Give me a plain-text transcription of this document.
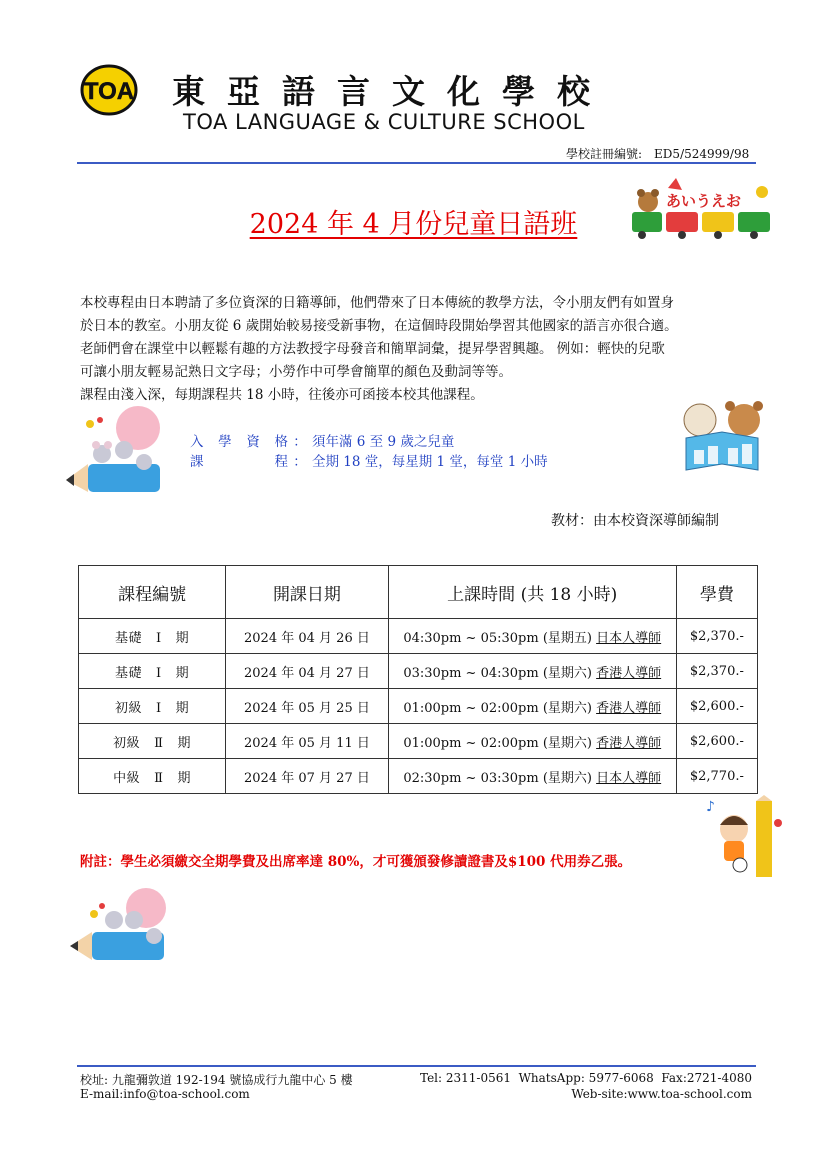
TOA 東亞語言文化學校
TOA LANGUAGE & CULTURE SCHOOL
學校註冊編號: ED5/524999/98
2024 年 4 月份兒童日語班
あいうえお
本校專程由日本聘請了多位資深的日籍導師，他們帶來了日本傳統的教學方法，令小朋友們有如置身
於日本的教室。小朋友從 6 歲開始較易接受新事物，在這個時段開始學習其他國家的語言亦很合適。
老師們會在課堂中以輕鬆有趣的方法教授字母發音和簡單詞彙，提昇學習興趣。 例如：輕快的兒歌
可讓小朋友輕易記熟日文字母；小勞作中可學會簡單的顏色及動詞等等。
課程由淺入深，每期課程共 18 小時，往後亦可函接本校其他課程。
入 學 資 格 ： 須年滿 6 至 9 歲之兒童
課	程 ： 全期 18 堂，每星期 1 堂，每堂 1 小時
教材：由本校資深導師編制
課程編號	開課日期	上課時間 (共 18 小時)	學費
基礎 Ⅰ 期	2024 年 04 月 26 日	04:30pm ~ 05:30pm (星期五) 日本人導師	$2,370.-
基礎 Ⅰ 期	2024 年 04 月 27 日	03:30pm ~ 04:30pm (星期六) 香港人導師	$2,370.-
初級 Ⅰ 期	2024 年 05 月 25 日	01:00pm ~ 02:00pm (星期六) 香港人導師	$2,600.-
初級 Ⅱ 期	2024 年 05 月 11 日	01:00pm ~ 02:00pm (星期六) 香港人導師	$2,600.-
中級 Ⅱ 期	2024 年 07 月 27 日	02:30pm ~ 03:30pm (星期六) 日本人導師	$2,770.-
♪
附註：學生必須繳交全期學費及出席率達 80%，才可獲頒發修讀證書及$100 代用券乙張。
校址: 九龍彌敦道 192-194 號協成行九龍中心 5 樓
E-mail:info@toa-school.com
Tel: 2311-0561 WhatsApp: 5977-6068 Fax:2721-4080
Web-site:www.toa-school.com
